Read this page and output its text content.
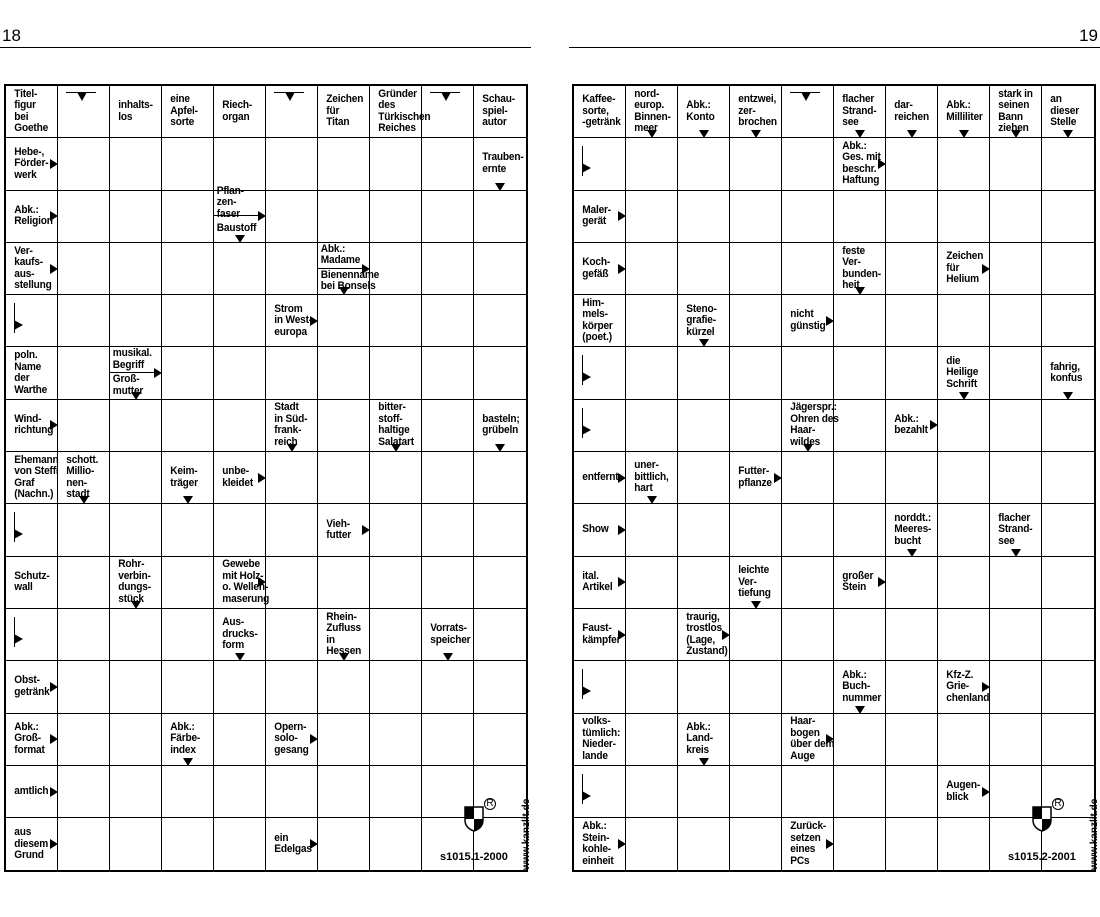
18	19
Titel-
figur
bei
Goethe
inhalts-
los
eine
Apfel-
sorte
Riech-
organ
Zeichen
für
Titan
Gründer
des
Türkischen
Reiches
Schau-
spiel-
autor
Hebe-,
Förder-
werk
Trauben-
ernte
Abk.:
Religion
Pflan-
zen-
faser
Baustoff
Ver-
kaufs-
aus-
stellung
Abk.:
Madame
Bienenname
bei Bonsels
Strom
in West-
europa
poln.
Name
der
Warthe
musikal.
Begriff
Groß-
mutter
Wind-
richtung
Stadt
in Süd-
frank-
reich
bitter-
stoff-
haltige
Salatart
basteln;
grübeln
Ehemann
von Steffi
Graf
(Nachn.)
schott.
Millio-
nen-
stadt
Keim-
träger
unbe-
kleidet
Vieh-
futter
Schutz-
wall
Rohr-
verbin-
dungs-
stück
Gewebe
mit Holz-
o. Wellen-
maserung
Aus-
drucks-
form
Rhein-
Zufluss
in
Hessen
Vorrats-
speicher
Obst-
getränk
Abk.:
Groß-
format
Abk.:
Färbe-
index
Opern-
solo-
gesang
amtlich
aus
diesem
Grund
ein
Edelgas
Kaffee-
sorte,
-getränk
nord-
europ.
Binnen-
meer
Abk.:
Konto
entzwei,
zer-
brochen
flacher
Strand-
see
dar-
reichen
Abk.:
Milliliter
stark in
seinen
Bann
ziehen
an
dieser
Stelle
Abk.:
Ges. mit
beschr.
Haftung
Maler-
gerät
Koch-
gefäß
feste
Ver-
bunden-
heit
Zeichen
für
Helium
Him-
mels-
körper
(poet.)
Steno-
grafie-
kürzel
nicht
günstig
die
Heilige
Schrift
fahrig,
konfus
Jägerspr.:
Ohren des
Haar-
wildes
Abk.:
bezahlt
entfernt
uner-
bittlich,
hart
Futter-
pflanze
Show
norddt.:
Meeres-
bucht
flacher
Strand-
see
ital.
Artikel
leichte
Ver-
tiefung
großer
Stein
Faust-
kämpfer
traurig,
trostlos
(Lage,
Zustand)
Abk.:
Buch-
nummer
Kfz-Z.
Grie-
chenland
volks-
tümlich:
Nieder-
lande
Abk.:
Land-
kreis
Haar-
bogen
über dem
Auge
Augen-
blick
Abk.:
Stein-
kohle-
einheit
Zurück-
setzen
eines
PCs
R	R
s1015.1-2000	s1015.2-2001
www.kanzlit.de	www.kanzlit.de
